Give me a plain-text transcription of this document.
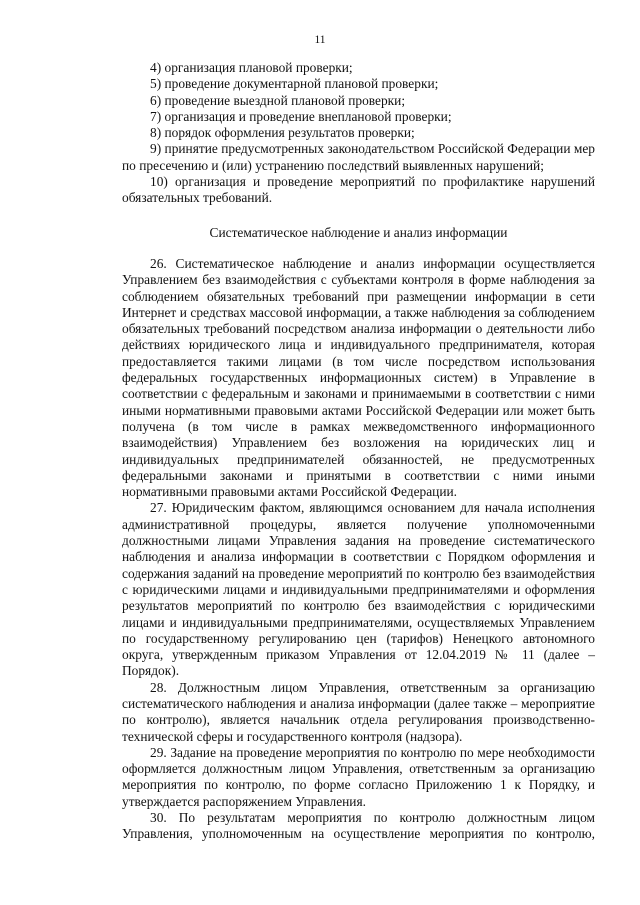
11

4) организация плановой проверки;

5) проведение документарной плановой проверки;

6) проведение выездной плановой проверки;

7) организация и проведение внеплановой проверки;

8) порядок оформления результатов проверки;

9) принятие предусмотренных законодательством Российской Федерации мер по пресечению и (или) устранению последствий выявленных нарушений;

10) организация и проведение мероприятий по профилактике нарушений обязательных требований.

Систематическое наблюдение и анализ информации

26. Систематическое наблюдение и анализ информации осуществляется Управлением без взаимодействия с субъектами контроля в форме наблюдения за соблюдением обязательных требований при размещении информации в сети Интернет и средствах массовой информации, а также наблюдения за соблюдением обязательных требований посредством анализа информации о деятельности либо действиях юридического лица и индивидуального предпринимателя, которая предоставляется такими лицами (в том числе посредством использования федеральных государственных информационных систем) в Управление в соответствии с федеральным и законами и принимаемыми в соответствии с ними иными нормативными правовыми актами Российской Федерации или может быть получена (в том числе в рамках межведомственного информационного взаимодействия) Управлением без возложения на юридических лиц и индивидуальных предпринимателей обязанностей, не предусмотренных федеральными законами и принятыми в соответствии с ними иными нормативными правовыми актами Российской Федерации.

27. Юридическим фактом, являющимся основанием для начала исполнения административной процедуры, является получение уполномоченными должностными лицами Управления задания на проведение систематического наблюдения и анализа информации в соответствии с Порядком оформления и содержания заданий на проведение мероприятий по контролю без взаимодействия с юридическими лицами и индивидуальными предпринимателями и оформления результатов мероприятий по контролю без взаимодействия с юридическими лицами и индивидуальными предпринимателями, осуществляемых Управлением по государственному регулированию цен (тарифов) Ненецкого автономного округа, утвержденным приказом Управления от 12.04.2019 № 11 (далее – Порядок).

28. Должностным лицом Управления, ответственным за организацию систематического наблюдения и анализа информации (далее также – мероприятие по контролю), является начальник отдела регулирования производственно-технической сферы и государственного контроля (надзора).

29. Задание на проведение мероприятия по контролю по мере необходимости оформляется должностным лицом Управления, ответственным за организацию мероприятия по контролю, по форме согласно Приложению 1 к Порядку, и утверждается распоряжением Управления.

30. По результатам мероприятия по контролю должностным лицом Управления, уполномоченным на осуществление мероприятия по контролю,
